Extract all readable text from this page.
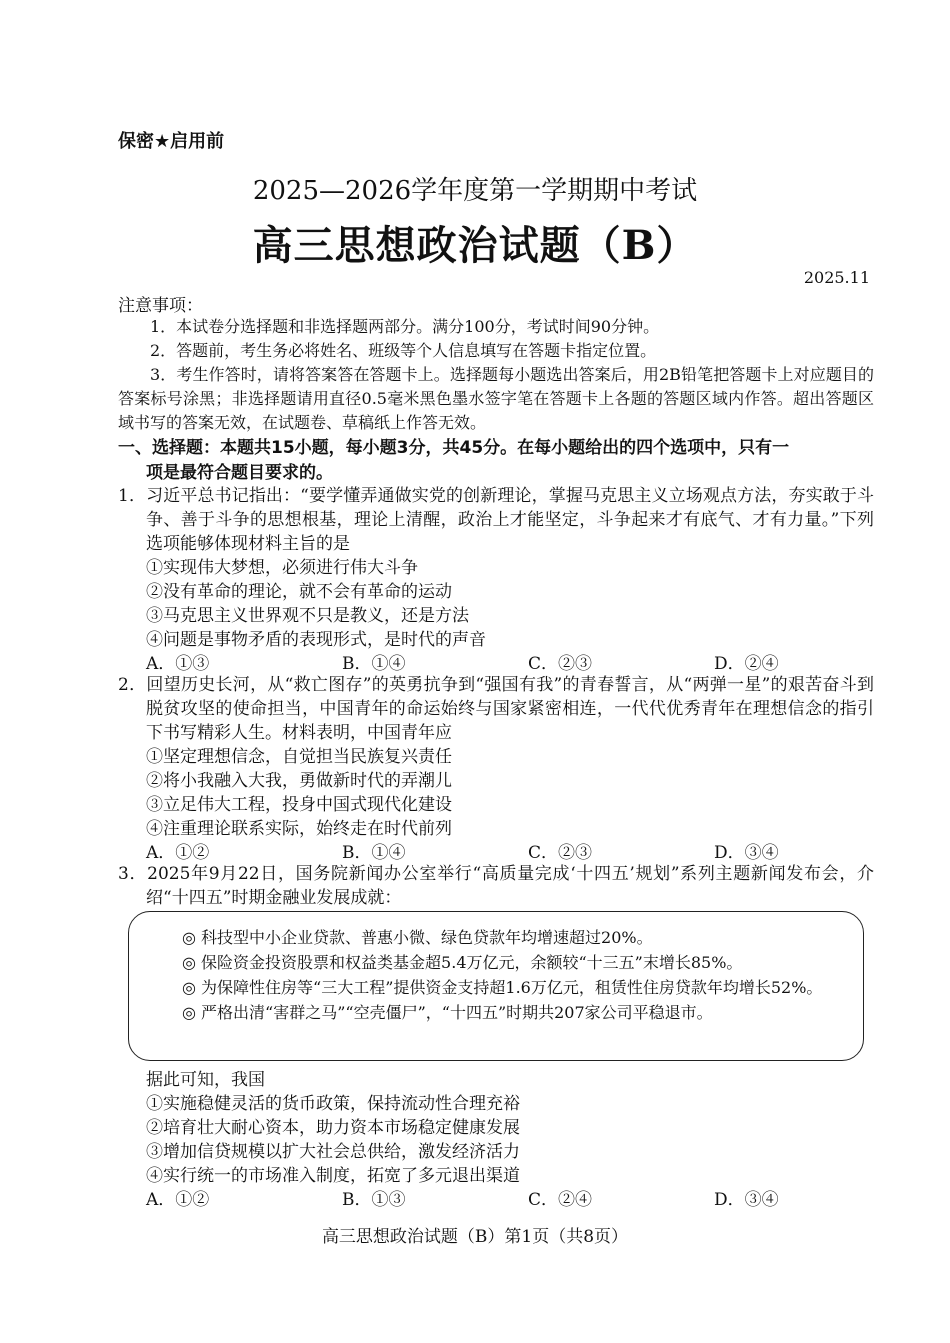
保密★启用前
2025—2026学年度第一学期期中考试
高三思想政治试题（B）
2025.11
注意事项：

1．本试卷分选择题和非选择题两部分。满分100分，考试时间90分钟。

2．答题前，考生务必将姓名、班级等个人信息填写在答题卡指定位置。

3．考生作答时，请将答案答在答题卡上。选择题每小题选出答案后，用2B铅笔把答题卡上对应题目的答案标号涂黑；非选择题请用直径0.5毫米黑色墨水签字笔在答题卡上各题的答题区域内作答。超出答题区域书写的答案无效，在试题卷、草稿纸上作答无效。

一、选择题：本题共15小题，每小题3分，共45分。在每小题给出的四个选项中，只有一
项是最符合题目要求的。
1．习近平总书记指出：“要学懂弄通做实党的创新理论，掌握马克思主义立场观点方法，夯实敢于斗争、善于斗争的思想根基，理论上清醒，政治上才能坚定，斗争起来才有底气、才有力量。”下列选项能够体现材料主旨的是
①实现伟大梦想，必须进行伟大斗争
②没有革命的理论，就不会有革命的运动
③马克思主义世界观不只是教义，还是方法
④问题是事物矛盾的表现形式，是时代的声音
A．①③	B．①④	C．②③	D．②④
2．回望历史长河，从“救亡图存”的英勇抗争到“强国有我”的青春誓言，从“两弹一星”的艰苦奋斗到脱贫攻坚的使命担当，中国青年的命运始终与国家紧密相连，一代代优秀青年在理想信念的指引下书写精彩人生。材料表明，中国青年应
①坚定理想信念，自觉担当民族复兴责任
②将小我融入大我，勇做新时代的弄潮儿
③立足伟大工程，投身中国式现代化建设
④注重理论联系实际，始终走在时代前列
A．①②	B．①④	C．②③	D．③④
3．2025年9月22日，国务院新闻办公室举行“高质量完成‘十四五’规划”系列主题新闻发布会，介绍“十四五”时期金融业发展成就：

◎ 科技型中小企业贷款、普惠小微、绿色贷款年均增速超过20%。

◎ 保险资金投资股票和权益类基金超5.4万亿元，余额较“十三五”末增长85%。

◎ 为保障性住房等“三大工程”提供资金支持超1.6万亿元，租赁性住房贷款年均增长52%。

◎ 严格出清“害群之马”“空壳僵尸”，“十四五”时期共207家公司平稳退市。

据此可知，我国
①实施稳健灵活的货币政策，保持流动性合理充裕
②培育壮大耐心资本，助力资本市场稳定健康发展
③增加信贷规模以扩大社会总供给，激发经济活力
④实行统一的市场准入制度，拓宽了多元退出渠道
A．①②	B．①③	C．②④	D．③④
高三思想政治试题（B）第1页（共8页）
